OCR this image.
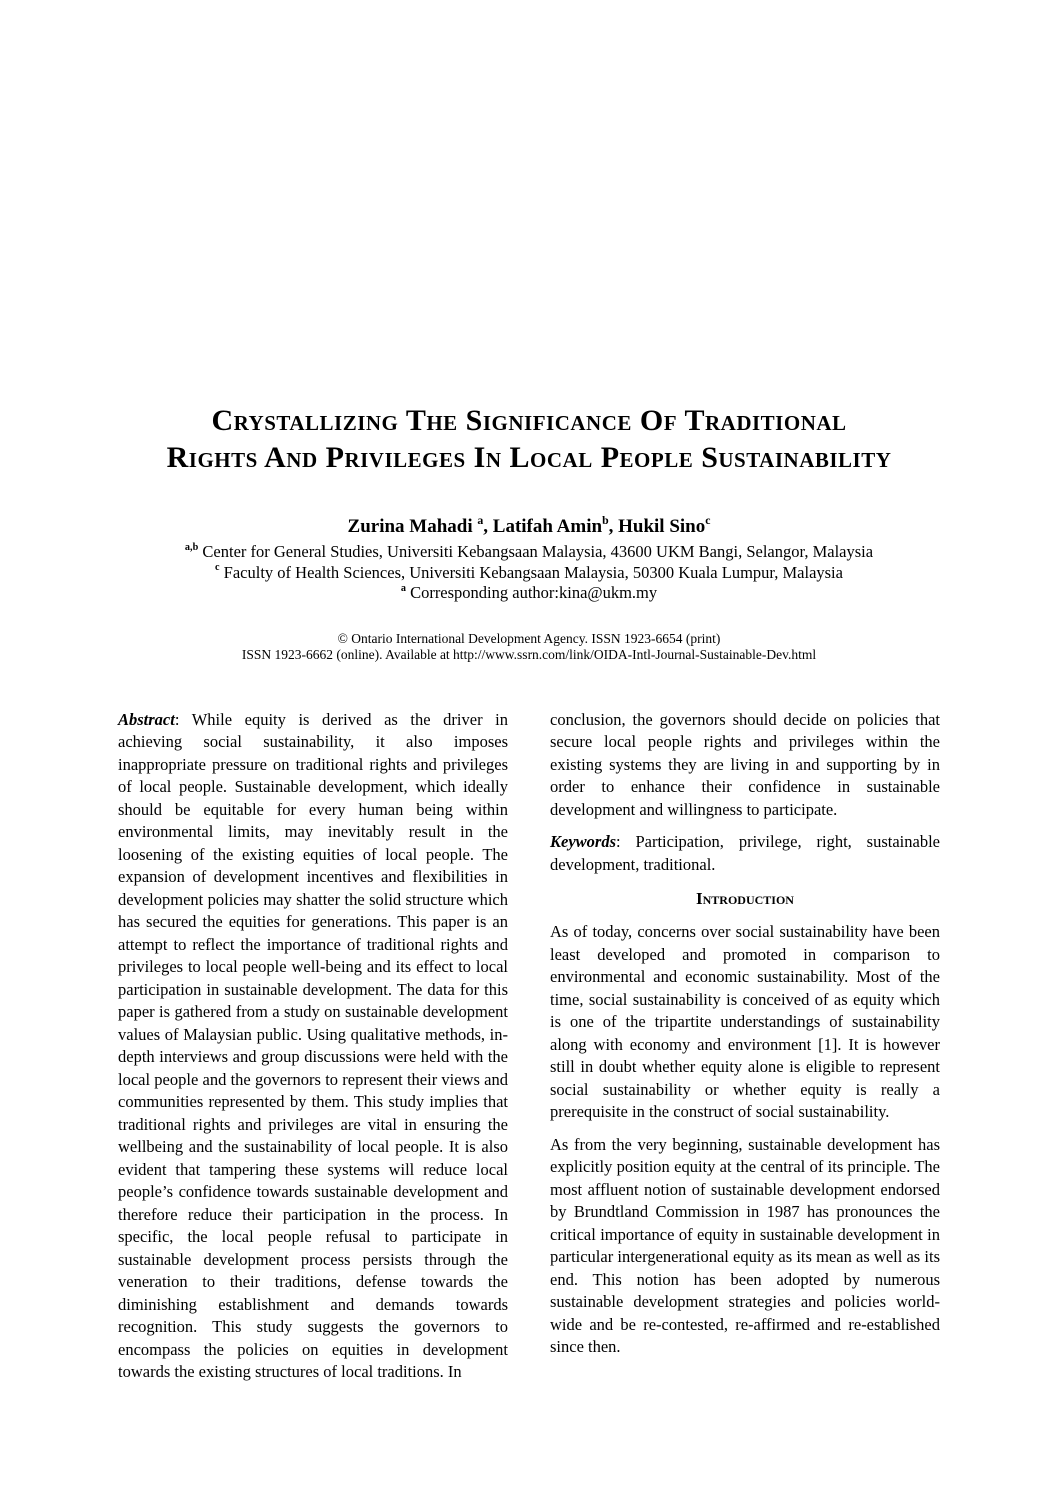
Crystallizing The Significance Of Traditional
Rights And Privileges In Local People Sustainability
Zurina Mahadi $^a$, Latifah Amin$^b$, Hukil Sino$^c$
$^{a,b}$ Center for General Studies, Universiti Kebangsaan Malaysia, 43600 UKM Bangi, Selangor, Malaysia
$^c$ Faculty of Health Sciences, Universiti Kebangsaan Malaysia, 50300 Kuala Lumpur, Malaysia
$^a$ Corresponding author:kina@ukm.my
© Ontario International Development Agency. ISSN 1923-6654 (print)
ISSN 1923-6662 (online). Available at http://www.ssrn.com/link/OIDA-Intl-Journal-Sustainable-Dev.html

Abstract: While equity is derived as the driver in achieving social sustainability, it also imposes inappropriate pressure on traditional rights and privileges of local people. Sustainable development, which ideally should be equitable for every human being within environmental limits, may inevitably result in the loosening of the existing equities of local people. The expansion of development incentives and flexibilities in development policies may shatter the solid structure which has secured the equities for generations. This paper is an attempt to reflect the importance of traditional rights and privileges to local people well-being and its effect to local participation in sustainable development. The data for this paper is gathered from a study on sustainable development values of Malaysian public. Using qualitative methods, in-depth interviews and group discussions were held with the local people and the governors to represent their views and communities represented by them. This study implies that traditional rights and privileges are vital in ensuring the wellbeing and the sustainability of local people. It is also evident that tampering these systems will reduce local people’s confidence towards sustainable development and therefore reduce their participation in the process. In specific, the local people refusal to participate in sustainable development process persists through the veneration to their traditions, defense towards the diminishing establishment and demands towards recognition. This study suggests the governors to encompass the policies on equities in development towards the existing structures of local traditions. In

conclusion, the governors should decide on policies that secure local people rights and privileges within the existing systems they are living in and supporting by in order to enhance their confidence in sustainable development and willingness to participate.

Keywords: Participation, privilege, right, sustainable development, traditional.

Introduction

As of today, concerns over social sustainability have been least developed and promoted in comparison to environmental and economic sustainability. Most of the time, social sustainability is conceived of as equity which is one of the tripartite understandings of sustainability along with economy and environment [1]. It is however still in doubt whether equity alone is eligible to represent social sustainability or whether equity is really a prerequisite in the construct of social sustainability.

As from the very beginning, sustainable development has explicitly position equity at the central of its principle. The most affluent notion of sustainable development endorsed by Brundtland Commission in 1987 has pronounces the critical importance of equity in sustainable development in particular intergenerational equity as its mean as well as its end. This notion has been adopted by numerous sustainable development strategies and policies world-wide and be re-contested, re-affirmed and re-established since then.
